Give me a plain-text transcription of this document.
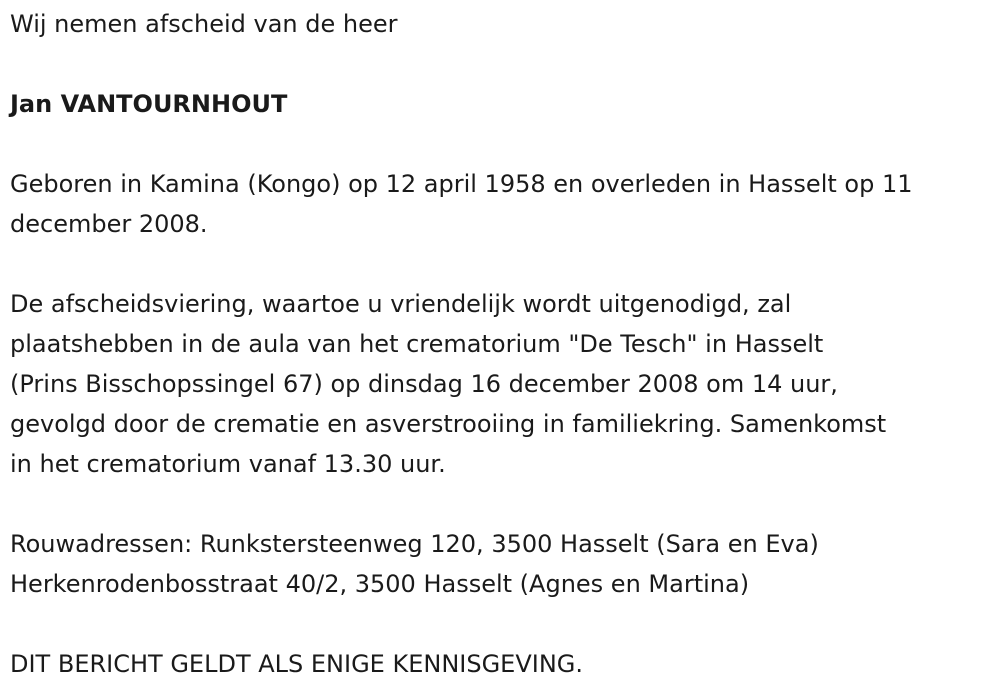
Wij nemen afscheid van de heer
Jan VANTOURNHOUT
Geboren in Kamina (Kongo) op 12 april 1958 en overleden in Hasselt op 11
december 2008.
De afscheidsviering, waartoe u vriendelijk wordt uitgenodigd, zal
plaatshebben in de aula van het crematorium "De Tesch" in Hasselt
(Prins Bisschopssingel 67) op dinsdag 16 december 2008 om 14 uur,
gevolgd door de crematie en asverstrooiing in familiekring. Samenkomst
in het crematorium vanaf 13.30 uur.
Rouwadressen: Runkstersteenweg 120, 3500 Hasselt (Sara en Eva)
Herkenrodenbosstraat 40/2, 3500 Hasselt (Agnes en Martina)
DIT BERICHT GELDT ALS ENIGE KENNISGEVING.
